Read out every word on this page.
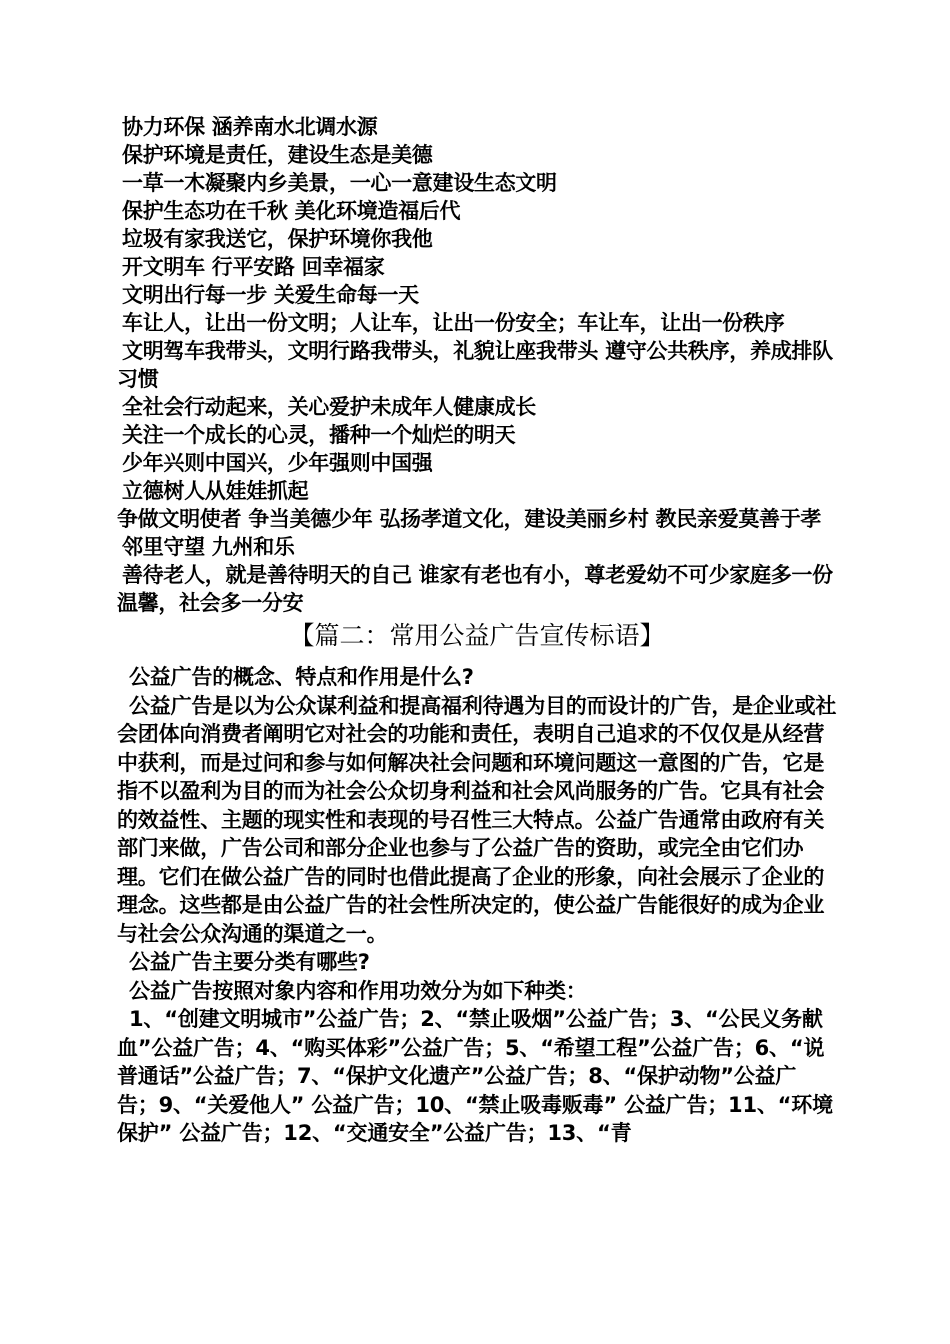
协力环保 涵养南水北调水源
保护环境是责任，建设生态是美德
一草一木凝聚内乡美景，一心一意建设生态文明
保护生态功在千秋 美化环境造福后代
垃圾有家我送它，保护环境你我他
开文明车 行平安路 回幸福家
文明出行每一步 关爱生命每一天
车让人，让出一份文明；人让车，让出一份安全；车让车，让出一份秩序
文明驾车我带头，文明行路我带头，礼貌让座我带头 遵守公共秩序，养成排队习惯
全社会行动起来，关心爱护未成年人健康成长
关注一个成长的心灵，播种一个灿烂的明天
少年兴则中国兴，少年强则中国强
立德树人从娃娃抓起
争做文明使者 争当美德少年 弘扬孝道文化，建设美丽乡村 教民亲爱莫善于孝
邻里守望 九州和乐
善待老人，就是善待明天的自己 谁家有老也有小，尊老爱幼不可少家庭多一份温馨，社会多一分安
【篇二：常用公益广告宣传标语】

公益广告的概念、特点和作用是什么?

公益广告是以为公众谋利益和提高福利待遇为目的而设计的广告，是企业或社会团体向消费者阐明它对社会的功能和责任，表明自己追求的不仅仅是从经营中获利，而是过问和参与如何解决社会问题和环境问题这一意图的广告，它是指不以盈利为目的而为社会公众切身利益和社会风尚服务的广告。它具有社会的效益性、主题的现实性和表现的号召性三大特点。公益广告通常由政府有关部门来做，广告公司和部分企业也参与了公益广告的资助，或完全由它们办理。它们在做公益广告的同时也借此提高了企业的形象，向社会展示了企业的理念。这些都是由公益广告的社会性所决定的，使公益广告能很好的成为企业与社会公众沟通的渠道之一。

公益广告主要分类有哪些?

公益广告按照对象内容和作用功效分为如下种类：

1、“创建文明城市”公益广告；2、“禁止吸烟”公益广告；3、“公民义务献血”公益广告；4、“购买体彩”公益广告；5、“希望工程”公益广告；6、“说普通话”公益广告；7、“保护文化遗产”公益广告；8、“保护动物”公益广告；9、“关爱他人” 公益广告；10、“禁止吸毒贩毒” 公益广告；11、“环境保护” 公益广告；12、“交通安全”公益广告；13、“青
